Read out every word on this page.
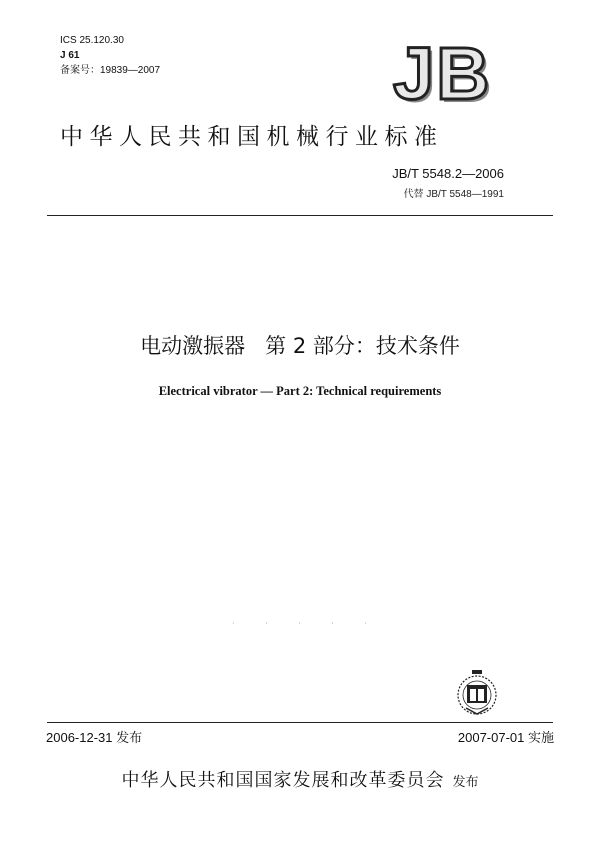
ICS 25.120.30
J 61
备案号：19839—2007	JB
中华人民共和国机械行业标准
JB/T 5548.2—2006
代替 JB/T 5548—1991
电动激振器   第 2 部分：技术条件
Electrical vibrator — Part 2: Technical requirements
· · · · ·
2006-12-31 发布	2007-07-01 实施
中华人民共和国国家发展和改革委员会 发布
